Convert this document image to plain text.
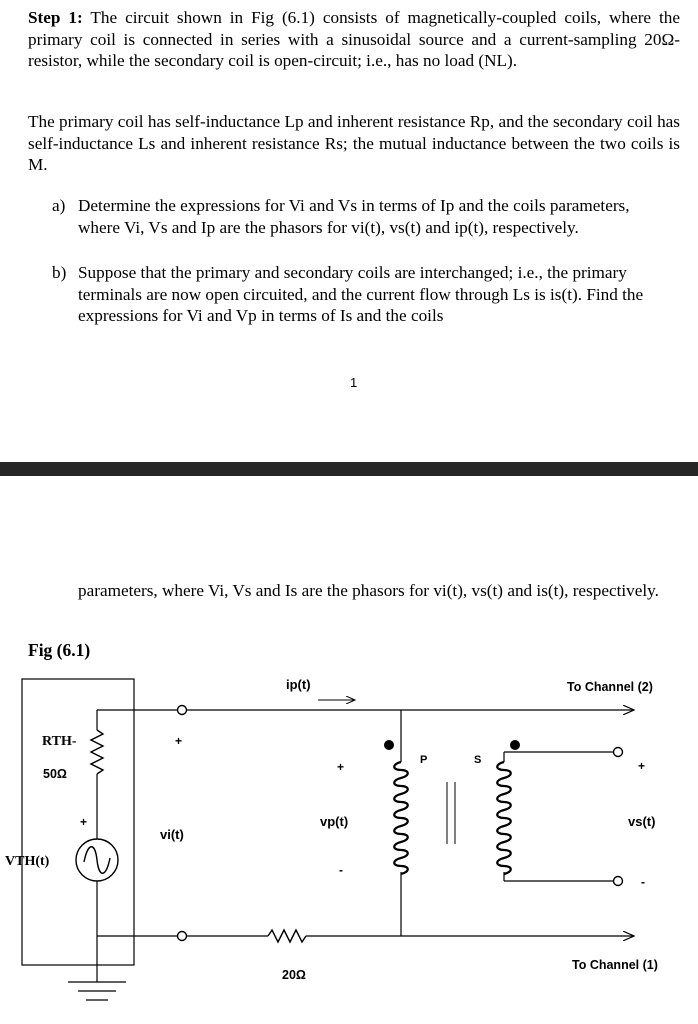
Step 1: The circuit shown in Fig (6.1) consists of magnetically-coupled coils, where the primary coil is connected in series with a sinusoidal source and a current-sampling 20Ω-resistor, while the secondary coil is open-circuit; i.e., has no load (NL).
The primary coil has self-inductance Lp and inherent resistance Rp, and the secondary coil has self-inductance Ls and inherent resistance Rs; the mutual inductance between the two coils is M.
a) Determine the expressions for Vi and Vs in terms of Ip and the coils parameters, where Vi, Vs and Ip are the phasors for vi(t), vs(t) and ip(t), respectively.
b) Suppose that the primary and secondary coils are interchanged; i.e., the primary terminals are now open circuited, and the current flow through Ls is is(t). Find the expressions for Vi and Vp in terms of Is and the coils
1
parameters, where Vi, Vs and Is are the phasors for vi(t), vs(t) and is(t), respectively.
Fig (6.1)
RTH-
50Ω
+
VTH(t)
+
vi(t)
ip(t)
+
vp(t)
-
P	S	+
vs(t)
-
To Channel (2)
To Channel (1)
20Ω
